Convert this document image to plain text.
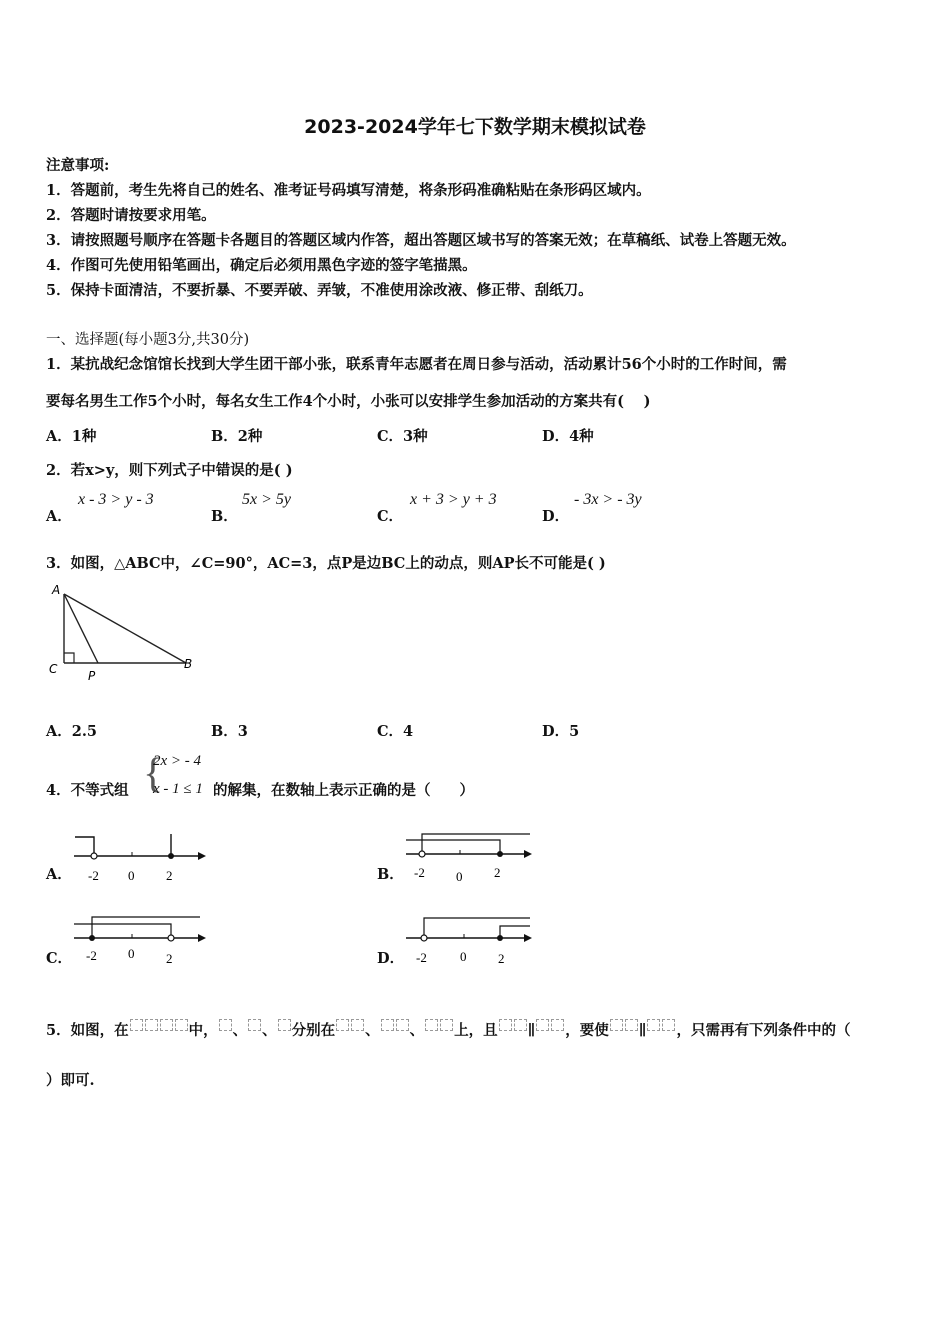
2023-2024学年七下数学期末模拟试卷
注意事项:
1．答题前，考生先将自己的姓名、准考证号码填写清楚，将条形码准确粘贴在条形码区域内。
2．答题时请按要求用笔。
3．请按照题号顺序在答题卡各题目的答题区域内作答，超出答题区域书写的答案无效；在草稿纸、试卷上答题无效。
4．作图可先使用铅笔画出，确定后必须用黑色字迹的签字笔描黑。
5．保持卡面清洁，不要折暴、不要弄破、弄皱，不准使用涂改液、修正带、刮纸刀。
一、选择题(每小题3分,共30分)
1．某抗战纪念馆馆长找到大学生团干部小张，联系青年志愿者在周日参与活动，活动累计56个小时的工作时间，需
要每名男生工作5个小时，每名女生工作4个小时，小张可以安排学生参加活动的方案共有(　 )
A．1种	B．2种	C．3种	D．4种
2．若x>y，则下列式子中错误的是( )
A．
x - 3 > y - 3
B．
5x > 5y
C．
x + 3 > y + 3
D．
- 3x > - 3y
3．如图，△ABC中，∠C=90°，AC=3，点P是边BC上的动点，则AP长不可能是( )
A
C	P
B
A．2.5	B．3	C．4	D．5
4．不等式组 {
2x > - 4
x - 1 ≤ 1 的解集，在数轴上表示正确的是（　　）
A． -2 0 2	B． -2 0 2
C． -2 0 2	D． -2	0 2
5．如图，在	中， 、 、 分别在 、 、 上，且 ∥ ，要使 ∥ ，只需再有下列条件中的（
）即可.
